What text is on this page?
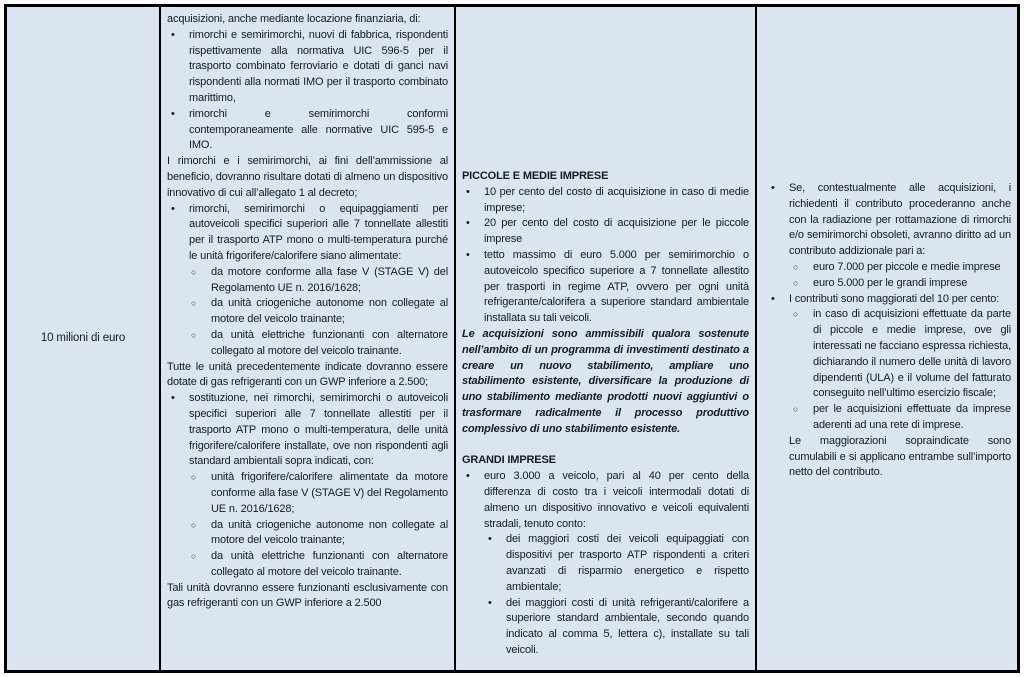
10 milioni di euro
acquisizioni, anche mediante locazione finanziaria, di:
• rimorchi e semirimorchi, nuovi di fabbrica, rispondenti rispettivamente alla normativa UIC 596-5 per il trasporto combinato ferroviario e dotati di ganci navi rispondenti alla normati IMO per il trasporto combinato marittimo,
• rimorchi e semirimorchi conformi contemporaneamente alle normative UIC 595-5 e IMO.
I rimorchi e i semirimorchi, ai fini dell’ammissione al beneficio, dovranno risultare dotati di almeno un dispositivo innovativo di cui all’allegato 1 al decreto;
• rimorchi, semirimorchi o equipaggiamenti per autoveicoli specifici superiori alle 7 tonnellate allestiti per il trasporto ATP mono o multi-temperatura purché le unità frigorifere/calorifere siano alimentate:
○ da motore conforme alla fase V (STAGE V) del Regolamento UE n. 2016/1628;
○ da unità criogeniche autonome non collegate al motore del veicolo trainante;
○ da unità elettriche funzionanti con alternatore collegato al motore del veicolo trainante.
Tutte le unità precedentemente indicate dovranno essere dotate di gas refrigeranti con un GWP inferiore a 2.500;
• sostituzione, nei rimorchi, semirimorchi o autoveicoli specifici superiori alle 7 tonnellate allestiti per il trasporto ATP mono o multi-temperatura, delle unità frigorifere/calorifere installate, ove non rispondenti agli standard ambientali sopra indicati, con:
○ unità frigorifere/calorifere alimentate da motore conforme alla fase V (STAGE V) del Regolamento UE n. 2016/1628;
○ da unità criogeniche autonome non collegate al motore del veicolo trainante;
○ da unità elettriche funzionanti con alternatore collegato al motore del veicolo trainante.
Tali unità dovranno essere funzionanti esclusivamente con gas refrigeranti con un GWP inferiore a 2.500
PICCOLE E MEDIE IMPRESE
• 10 per cento del costo di acquisizione in caso di medie imprese;
• 20 per cento del costo di acquisizione per le piccole imprese
• tetto massimo di euro 5.000 per semirimorchio o autoveicolo specifico superiore a 7 tonnellate allestito per trasporti in regime ATP, ovvero per ogni unità refrigerante/calorifera a superiore standard ambientale installata su tali veicoli.
Le acquisizioni sono ammissibili qualora sostenute nell’ambito di un programma di investimenti destinato a creare un nuovo stabilimento, ampliare uno stabilimento esistente, diversificare la produzione di uno stabilimento mediante prodotti nuovi aggiuntivi o trasformare radicalmente il processo produttivo complessivo di uno stabilimento esistente.
GRANDI IMPRESE
• euro 3.000 a veicolo, pari al 40 per cento della differenza di costo tra i veicoli intermodali dotati di almeno un dispositivo innovativo e veicoli equivalenti stradali, tenuto conto:
• dei maggiori costi dei veicoli equipaggiati con dispositivi per trasporto ATP rispondenti a criteri avanzati di risparmio energetico e rispetto ambientale;
• dei maggiori costi di unità refrigeranti/calorifere a superiore standard ambientale, secondo quando indicato al comma 5, lettera c), installate su tali veicoli.
• Se, contestualmente alle acquisizioni, i richiedenti il contributo procederanno anche con la radiazione per rottamazione di rimorchi e/o semirimorchi obsoleti, avranno diritto ad un contributo addizionale pari a:
○ euro 7.000 per piccole e medie imprese
○ euro 5.000 per le grandi imprese
• I contributi sono maggiorati del 10 per cento:
○ in caso di acquisizioni effettuate da parte di piccole e medie imprese, ove gli interessati ne facciano espressa richiesta, dichiarando il numero delle unità di lavoro dipendenti (ULA) e il volume del fatturato conseguito nell’ultimo esercizio fiscale;
○ per le acquisizioni effettuate da imprese aderenti ad una rete di imprese.
Le maggiorazioni sopraindicate sono cumulabili e si applicano entrambe sull’importo netto del contributo.
